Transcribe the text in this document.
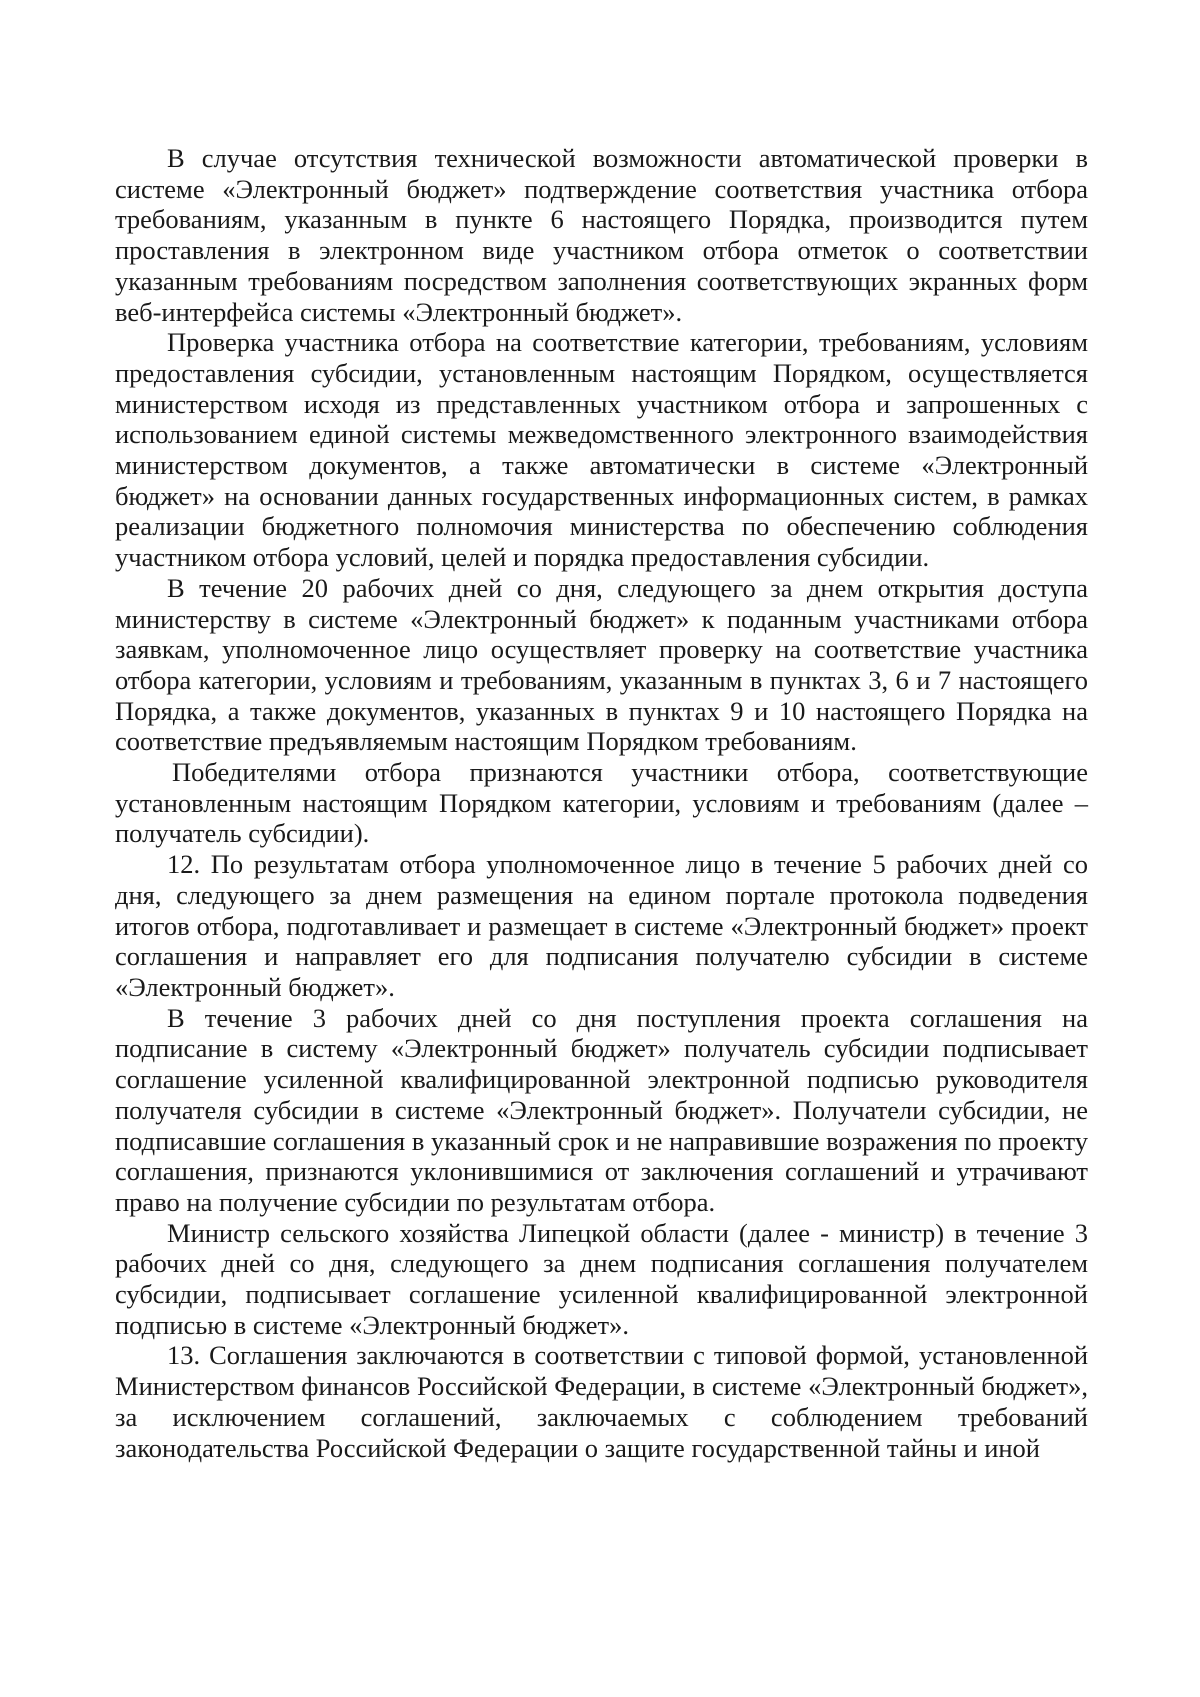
В случае отсутствия технической возможности автоматической проверки в системе «Электронный бюджет» подтверждение соответствия участника отбора требованиям, указанным в пункте 6 настоящего Порядка, производится путем проставления в электронном виде участником отбора отметок о соответствии указанным требованиям посредством заполнения соответствующих экранных форм веб-интерфейса системы «Электронный бюджет».

Проверка участника отбора на соответствие категории, требованиям, условиям предоставления субсидии, установленным настоящим Порядком, осуществляется министерством исходя из представленных участником отбора и запрошенных с использованием единой системы межведомственного электронного взаимодействия министерством документов, а также автоматически в системе «Электронный бюджет» на основании данных государственных информационных систем, в рамках реализации бюджетного полномочия министерства по обеспечению соблюдения участником отбора условий, целей и порядка предоставления субсидии.

В течение 20 рабочих дней со дня, следующего за днем открытия доступа министерству в системе «Электронный бюджет» к поданным участниками отбора заявкам, уполномоченное лицо осуществляет проверку на соответствие участника отбора категории, условиям и требованиям, указанным в пунктах 3, 6 и 7 настоящего Порядка, а также документов, указанных в пунктах 9 и 10 настоящего Порядка на соответствие предъявляемым настоящим Порядком требованиям.

Победителями отбора признаются участники отбора, соответствующие установленным настоящим Порядком категории, условиям и требованиям (далее – получатель субсидии).

12. По результатам отбора уполномоченное лицо в течение 5 рабочих дней со дня, следующего за днем размещения на едином портале протокола подведения итогов отбора, подготавливает и размещает в системе «Электронный бюджет» проект соглашения и направляет его для подписания получателю субсидии в системе «Электронный бюджет».

В течение 3 рабочих дней со дня поступления проекта соглашения на подписание в систему «Электронный бюджет» получатель субсидии подписывает соглашение усиленной квалифицированной электронной подписью руководителя получателя субсидии в системе «Электронный бюджет». Получатели субсидии, не подписавшие соглашения в указанный срок и не направившие возражения по проекту соглашения, признаются уклонившимися от заключения соглашений и утрачивают право на получение субсидии по результатам отбора.

Министр сельского хозяйства Липецкой области (далее - министр) в течение 3 рабочих дней со дня, следующего за днем подписания соглашения получателем субсидии, подписывает соглашение усиленной квалифицированной электронной подписью в системе «Электронный бюджет».

13. Соглашения заключаются в соответствии с типовой формой, установленной Министерством финансов Российской Федерации, в системе «Электронный бюджет», за исключением соглашений, заключаемых с соблюдением требований законодательства Российской Федерации о защите государственной тайны и иной
